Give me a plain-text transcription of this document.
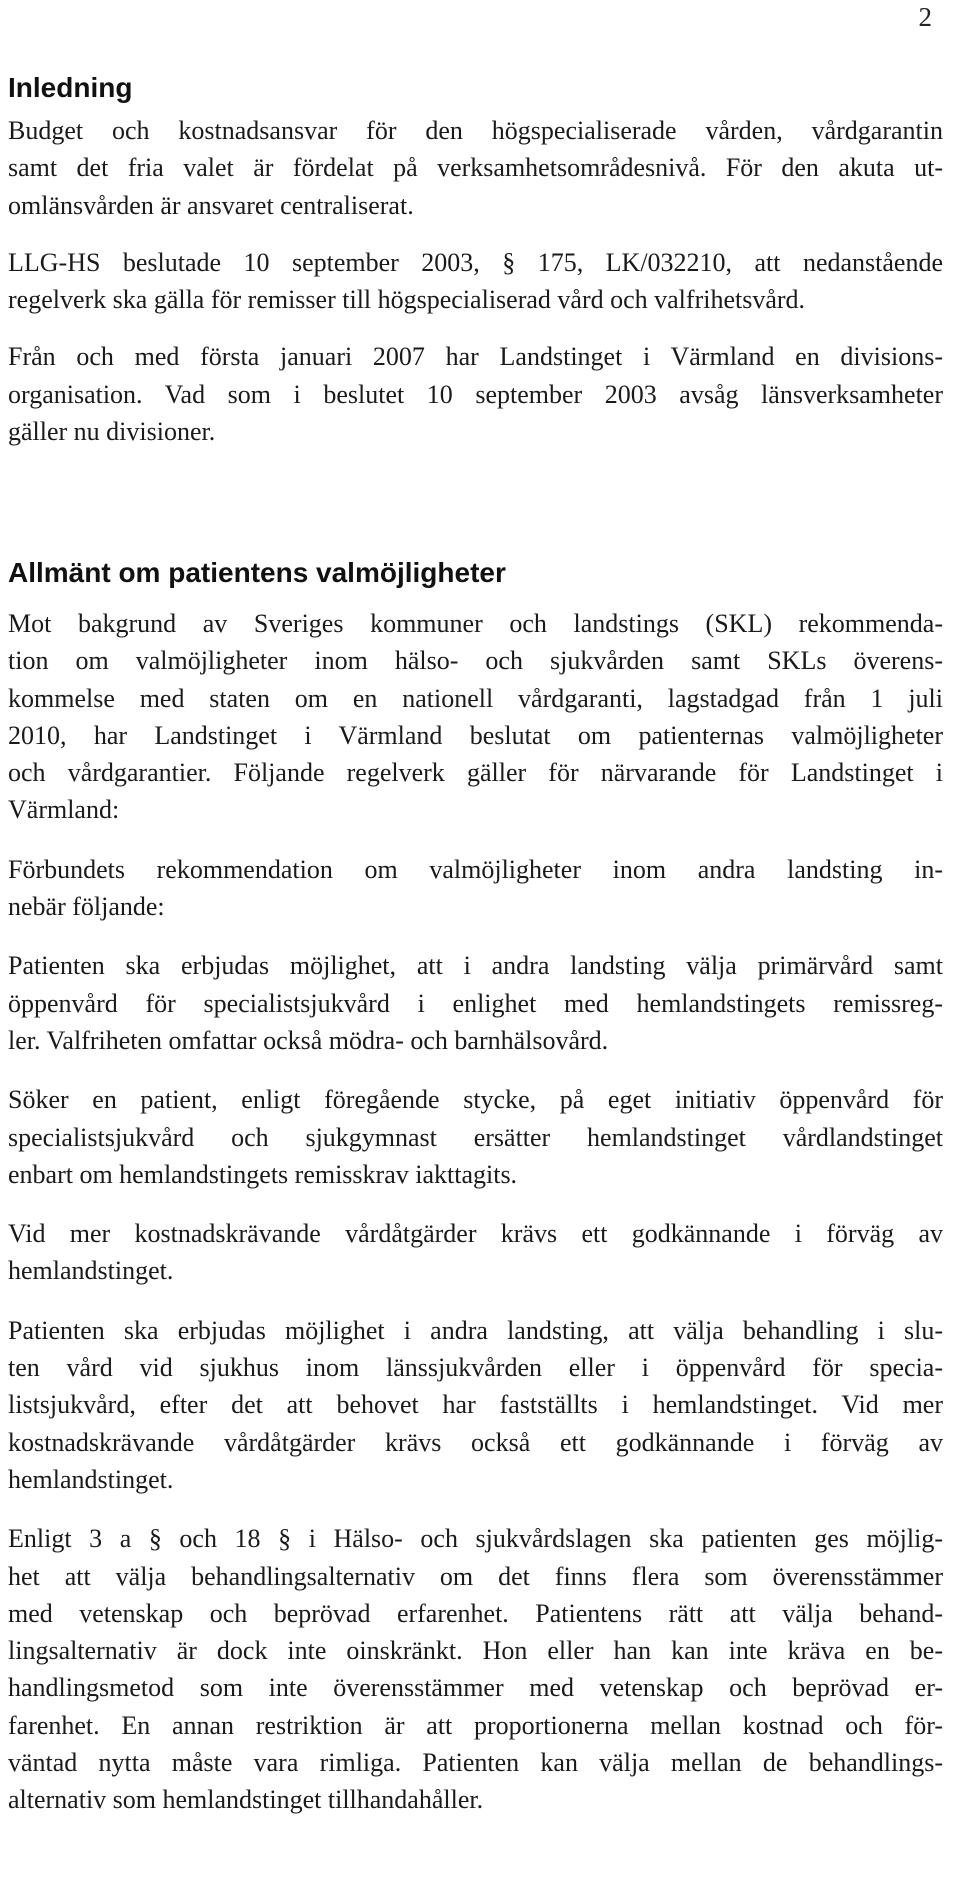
2
Inledning

Budget och kostnadsansvar för den högspecialiserade vården, vårdgarantin
samt det fria valet är fördelat på verksamhetsområdesnivå. För den akuta ut-
omlänsvården är ansvaret centraliserat.

LLG-HS beslutade 10 september 2003, § 175, LK/032210, att nedanstående
regelverk ska gälla för remisser till högspecialiserad vård och valfrihetsvård.

Från och med första januari 2007 har Landstinget i Värmland en divisions-
organisation. Vad som i beslutet 10 september 2003 avsåg länsverksamheter
gäller nu divisioner.

Allmänt om patientens valmöjligheter

Mot bakgrund av Sveriges kommuner och landstings (SKL) rekommenda-
tion om valmöjligheter inom hälso- och sjukvården samt SKLs överens-
kommelse med staten om en nationell vårdgaranti, lagstadgad från 1 juli
2010, har Landstinget i Värmland beslutat om patienternas valmöjligheter
och vårdgarantier. Följande regelverk gäller för närvarande för Landstinget i
Värmland:

Förbundets rekommendation om valmöjligheter inom andra landsting in-
nebär följande:

Patienten ska erbjudas möjlighet, att i andra landsting välja primärvård samt
öppenvård för specialistsjukvård i enlighet med hemlandstingets remissreg-
ler. Valfriheten omfattar också mödra- och barnhälsovård.

Söker en patient, enligt föregående stycke, på eget initiativ öppenvård för
specialistsjukvård och sjukgymnast ersätter hemlandstinget vårdlandstinget
enbart om hemlandstingets remisskrav iakttagits.

Vid mer kostnadskrävande vårdåtgärder krävs ett godkännande i förväg av
hemlandstinget.

Patienten ska erbjudas möjlighet i andra landsting, att välja behandling i slu-
ten vård vid sjukhus inom länssjukvården eller i öppenvård för specia-
listsjukvård, efter det att behovet har fastställts i hemlandstinget. Vid mer
kostnadskrävande vårdåtgärder krävs också ett godkännande i förväg av
hemlandstinget.

Enligt 3 a § och 18 § i Hälso- och sjukvårdslagen ska patienten ges möjlig-
het att välja behandlingsalternativ om det finns flera som överensstämmer
med vetenskap och beprövad erfarenhet. Patientens rätt att välja behand-
lingsalternativ är dock inte oinskränkt. Hon eller han kan inte kräva en be-
handlingsmetod som inte överensstämmer med vetenskap och beprövad er-
farenhet. En annan restriktion är att proportionerna mellan kostnad och för-
väntad nytta måste vara rimliga. Patienten kan välja mellan de behandlings-
alternativ som hemlandstinget tillhandahåller.
